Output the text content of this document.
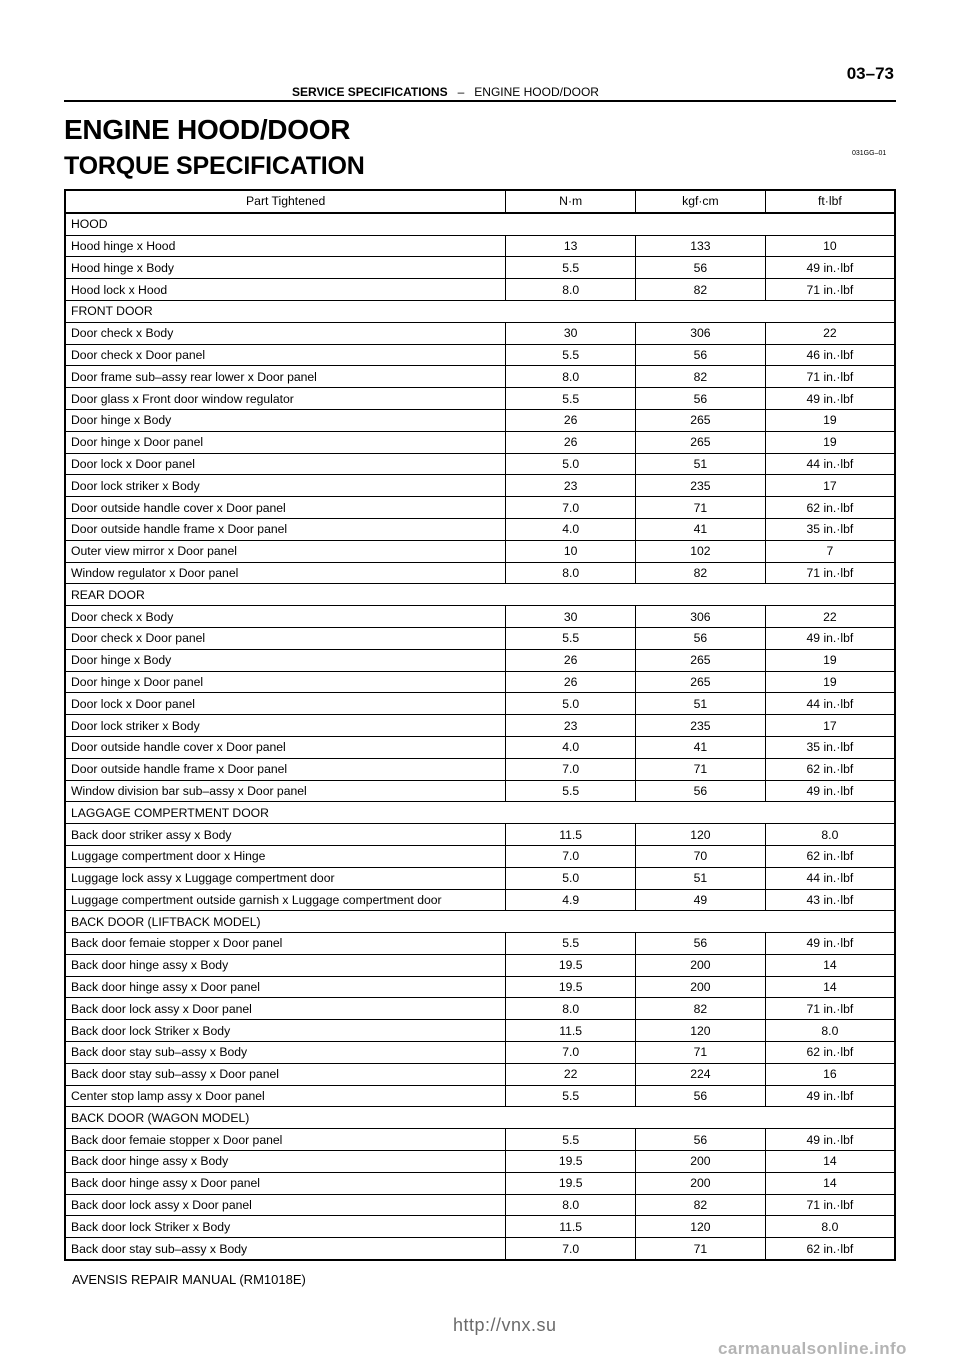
03–73
SERVICE SPECIFICATIONS – ENGINE HOOD/DOOR
ENGINE HOOD/DOOR
TORQUE SPECIFICATION	031GG–01
Part Tightened	N·m	kgf·cm	ft·lbf
HOOD			
Hood hinge x Hood	13	133	10
Hood hinge x Body	5.5	56	49 in.·lbf
Hood lock x Hood	8.0	82	71 in.·lbf
FRONT DOOR			
Door check x Body	30	306	22
Door check x Door panel	5.5	56	46 in.·lbf
Door frame sub–assy rear lower x Door panel	8.0	82	71 in.·lbf
Door glass x Front door window regulator	5.5	56	49 in.·lbf
Door hinge x Body	26	265	19
Door hinge x Door panel	26	265	19
Door lock x Door panel	5.0	51	44 in.·lbf
Door lock striker x Body	23	235	17
Door outside handle cover x Door panel	7.0	71	62 in.·lbf
Door outside handle frame x Door panel	4.0	41	35 in.·lbf
Outer view mirror x Door panel	10	102	7
Window regulator x Door panel	8.0	82	71 in.·lbf
REAR DOOR			
Door check x Body	30	306	22
Door check x Door panel	5.5	56	49 in.·lbf
Door hinge x Body	26	265	19
Door hinge x Door panel	26	265	19
Door lock x Door panel	5.0	51	44 in.·lbf
Door lock striker x Body	23	235	17
Door outside handle cover x Door panel	4.0	41	35 in.·lbf
Door outside handle frame x Door panel	7.0	71	62 in.·lbf
Window division bar sub–assy x Door panel	5.5	56	49 in.·lbf
LAGGAGE COMPERTMENT DOOR			
Back door striker assy x Body	11.5	120	8.0
Luggage compertment door x Hinge	7.0	70	62 in.·lbf
Luggage lock assy x Luggage compertment door	5.0	51	44 in.·lbf
Luggage compertment outside garnish x Luggage compertment door	4.9	49	43 in.·lbf
BACK DOOR (LIFTBACK MODEL)			
Back door femaie stopper x Door panel	5.5	56	49 in.·lbf
Back door hinge assy x Body	19.5	200	14
Back door hinge assy x Door panel	19.5	200	14
Back door lock assy x Door panel	8.0	82	71 in.·lbf
Back door lock Striker x Body	11.5	120	8.0
Back door stay sub–assy x Body	7.0	71	62 in.·lbf
Back door stay sub–assy x Door panel	22	224	16
Center stop lamp assy x Door panel	5.5	56	49 in.·lbf
BACK DOOR (WAGON MODEL)			
Back door femaie stopper x Door panel	5.5	56	49 in.·lbf
Back door hinge assy x Body	19.5	200	14
Back door hinge assy x Door panel	19.5	200	14
Back door lock assy x Door panel	8.0	82	71 in.·lbf
Back door lock Striker x Body	11.5	120	8.0
Back door stay sub–assy x Body	7.0	71	62 in.·lbf
AVENSIS REPAIR MANUAL (RM1018E)
http://vnx.su
carmanualsonline.info
